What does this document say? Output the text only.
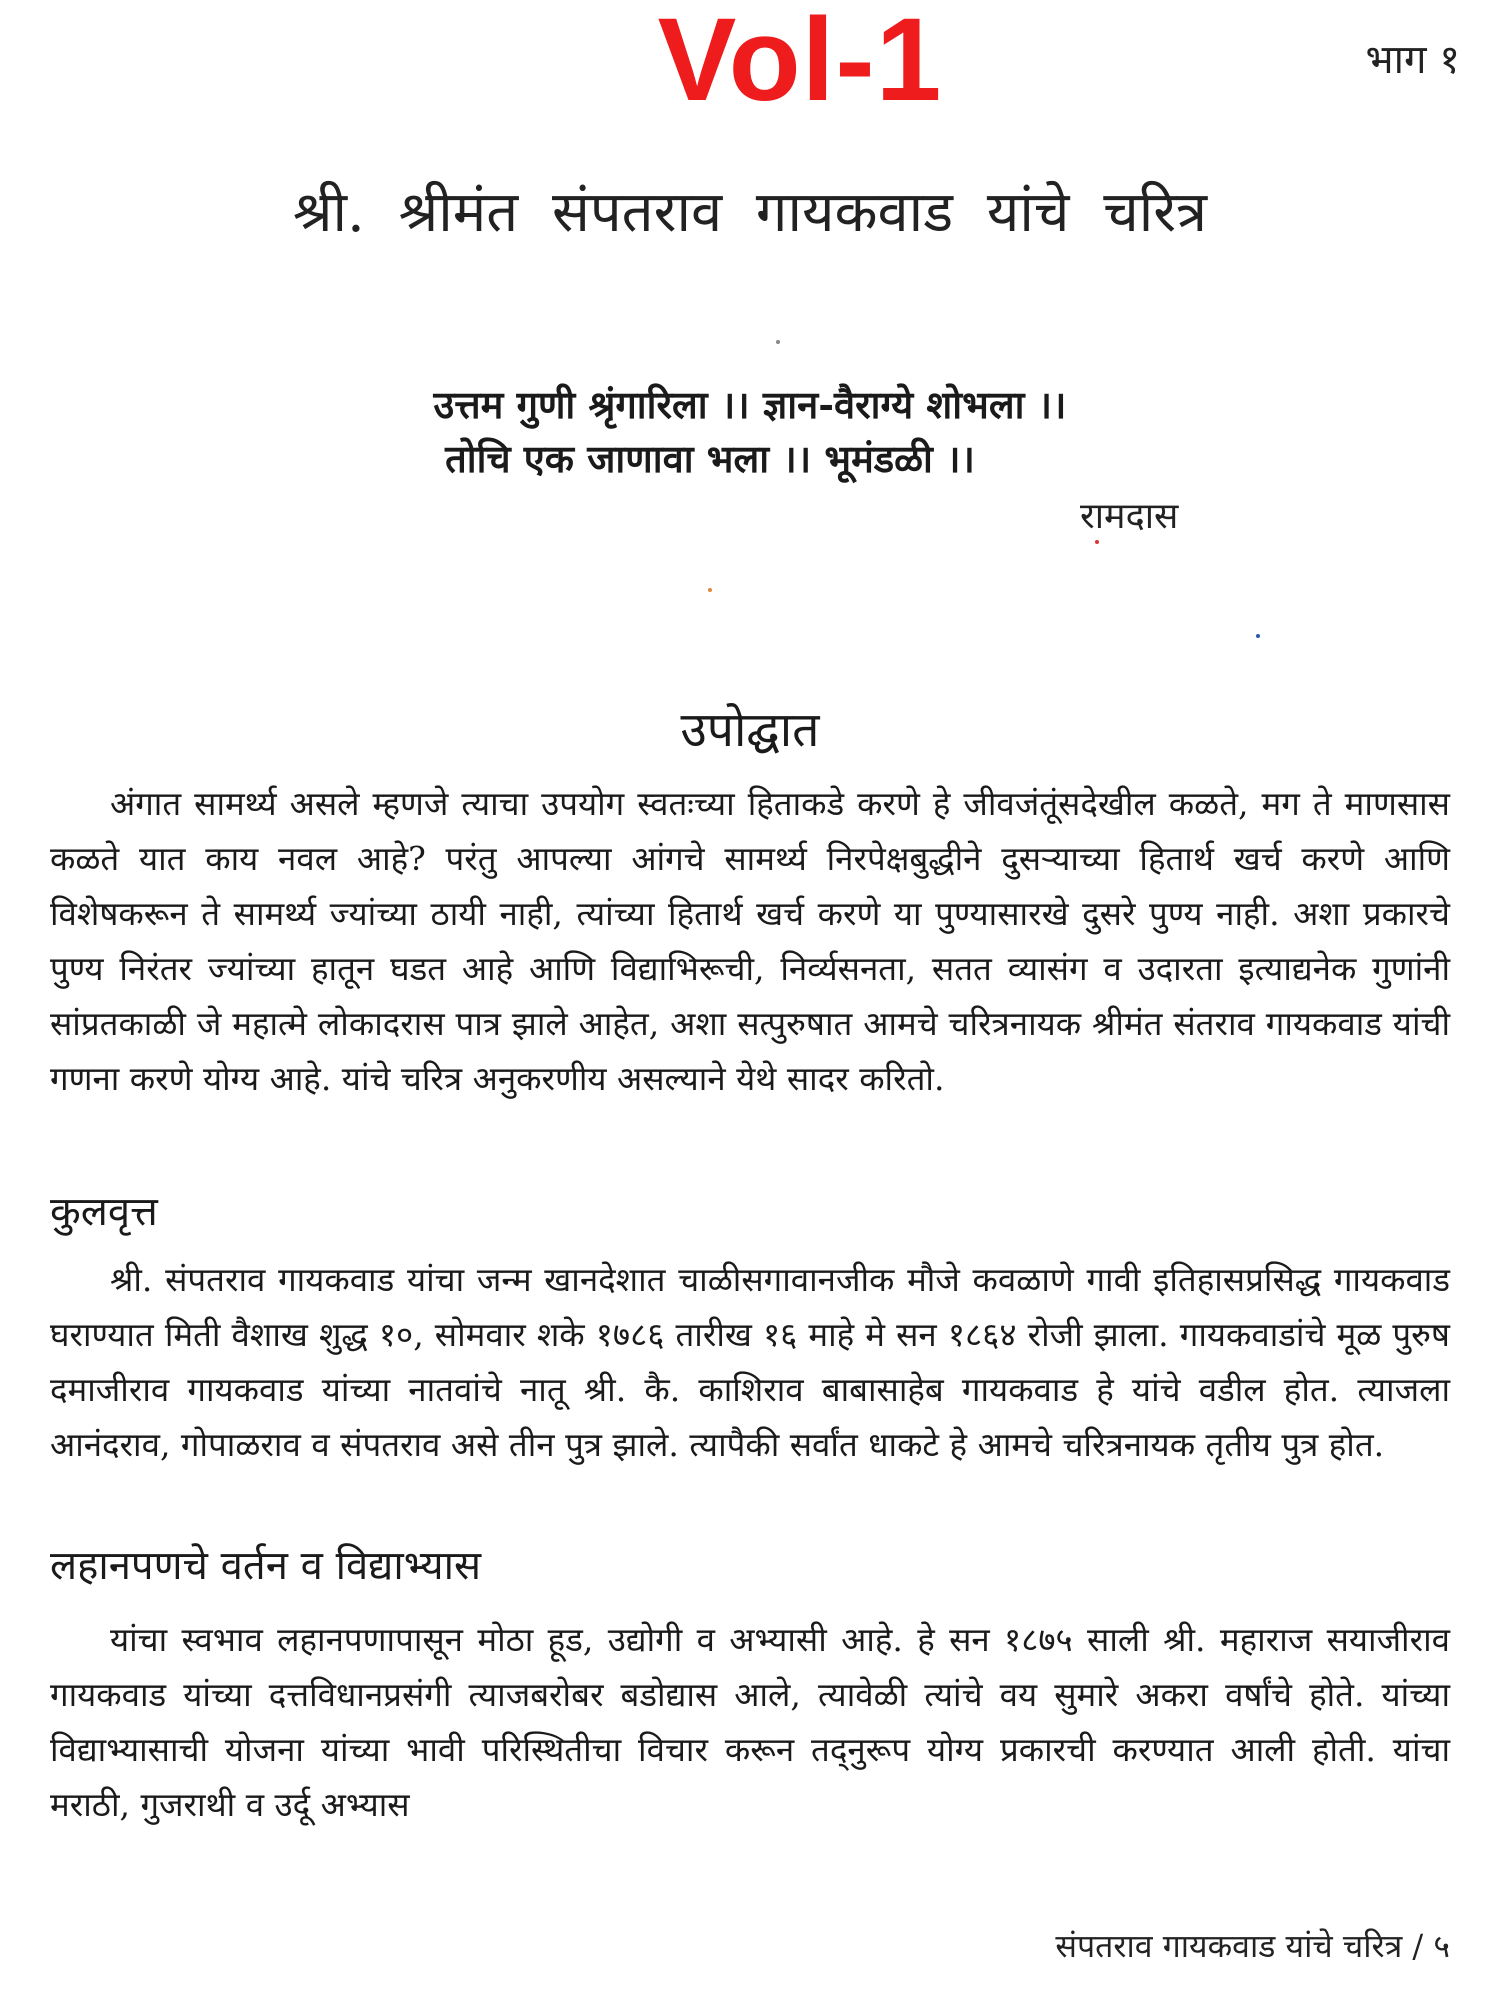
Vol-1	भाग १
श्री. श्रीमंत संपतराव गायकवाड यांचे चरित्र
उत्तम गुणी श्रृंगारिला ।। ज्ञान-वैराग्ये शोभला ।।
तोचि एक जाणावा भला ।। भूमंडळी ।।
रामदास
उपोद्घात

अंगात सामर्थ्य असले म्हणजे त्याचा उपयोग स्वतःच्या हिताकडे करणे हे जीवजंतूंसदेखील कळते, मग ते माणसास कळते यात काय नवल आहे? परंतु आपल्या आंगचे सामर्थ्य निरपेक्षबुद्धीने दुसऱ्याच्या हितार्थ खर्च करणे आणि विशेषकरून ते सामर्थ्य ज्यांच्या ठायी नाही, त्यांच्या हितार्थ खर्च करणे या पुण्यासारखे दुसरे पुण्य नाही. अशा प्रकारचे पुण्य निरंतर ज्यांच्या हातून घडत आहे आणि विद्याभिरूची, निर्व्यसनता, सतत व्यासंग व उदारता इत्याद्यनेक गुणांनी सांप्रतकाळी जे महात्मे लोकादरास पात्र झाले आहेत, अशा सत्पुरुषात आमचे चरित्रनायक श्रीमंत संतराव गायकवाड यांची गणना करणे योग्य आहे. यांचे चरित्र अनुकरणीय असल्याने येथे सादर करितो.

कुलवृत्त

श्री. संपतराव गायकवाड यांचा जन्म खानदेशात चाळीसगावानजीक मौजे कवळाणे गावी इतिहासप्रसिद्ध गायकवाड घराण्यात मिती वैशाख शुद्ध १०, सोमवार शके १७८६ तारीख १६ माहे मे सन १८६४ रोजी झाला. गायकवाडांचे मूळ पुरुष दमाजीराव गायकवाड यांच्या नातवांचे नातू श्री. कै. काशिराव बाबासाहेब गायकवाड हे यांचे वडील होत. त्याजला आनंदराव, गोपाळराव व संपतराव असे तीन पुत्र झाले. त्यापैकी सर्वांत धाकटे हे आमचे चरित्रनायक तृतीय पुत्र होत.

लहानपणचे वर्तन व विद्याभ्यास

यांचा स्वभाव लहानपणापासून मोठा हूड, उद्योगी व अभ्यासी आहे. हे सन १८७५ साली श्री. महाराज सयाजीराव गायकवाड यांच्या दत्तविधानप्रसंगी त्याजबरोबर बडोद्यास आले, त्यावेळी त्यांचे वय सुमारे अकरा वर्षांचे होते. यांच्या विद्याभ्यासाची योजना यांच्या भावी परिस्थितीचा विचार करून तद्नुरूप योग्य प्रकारची करण्यात आली होती. यांचा मराठी, गुजराथी व उर्दू अभ्यास

संपतराव गायकवाड यांचे चरित्र / ५
